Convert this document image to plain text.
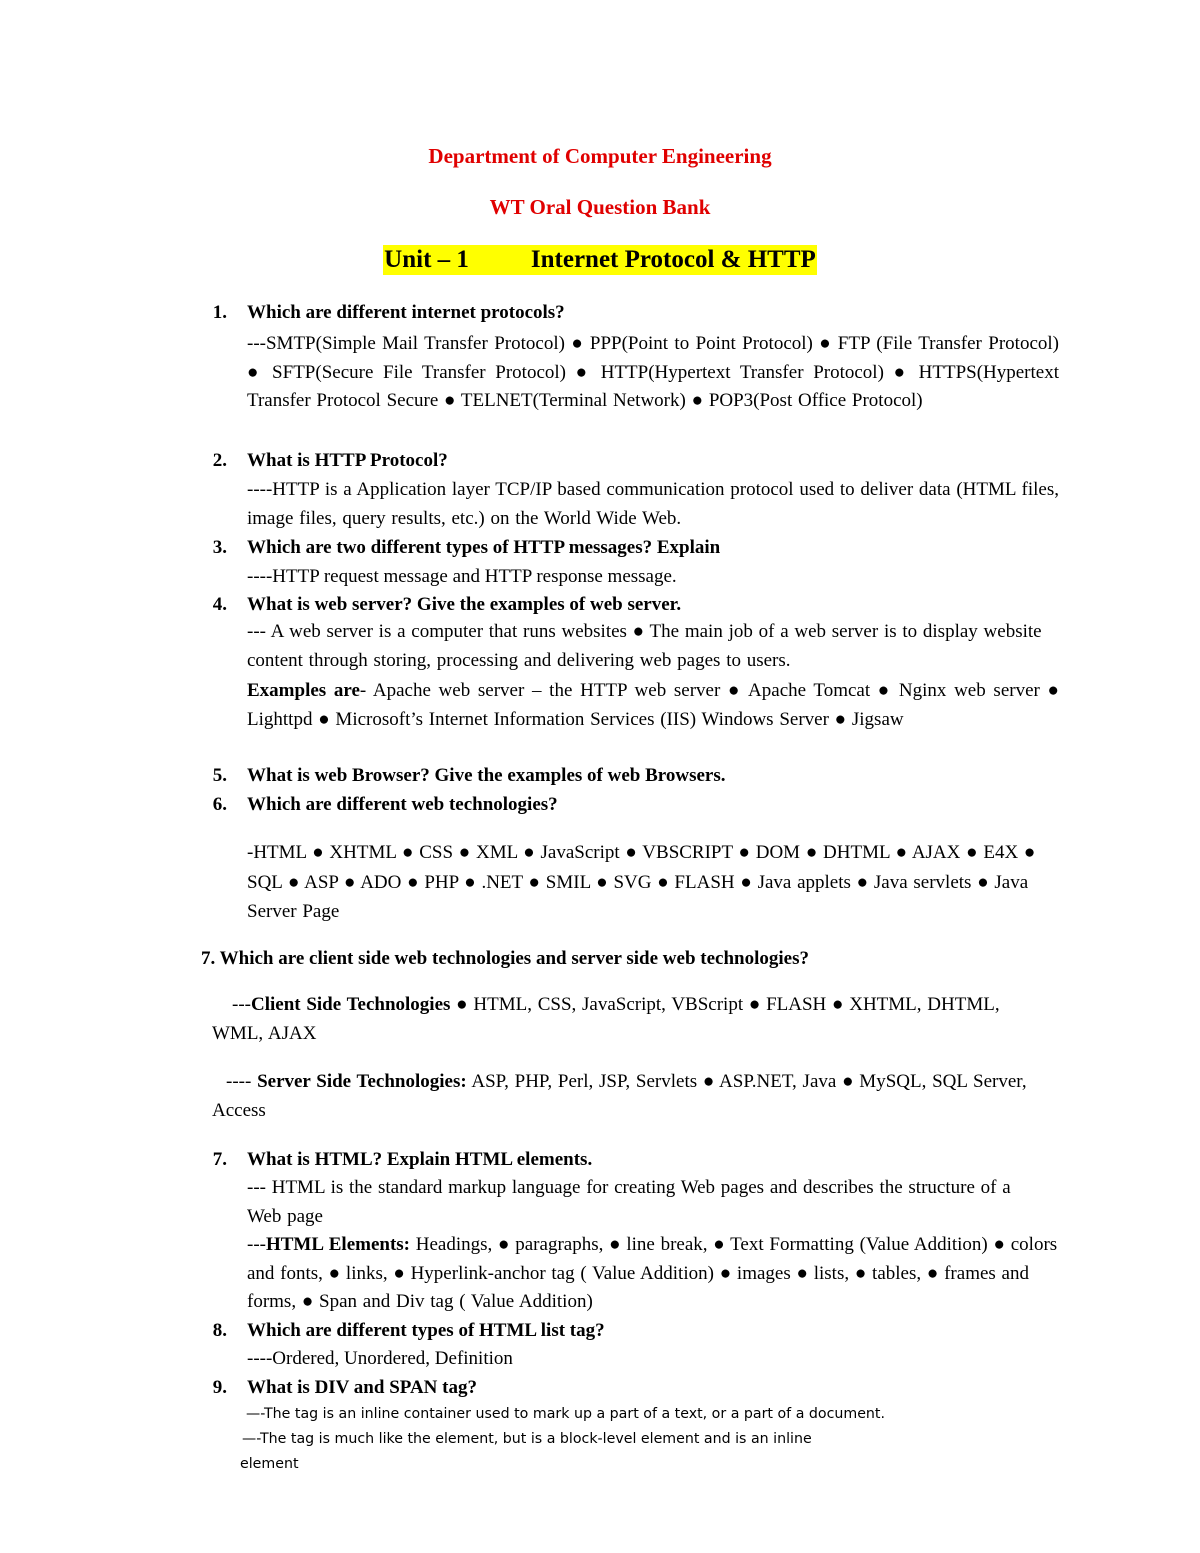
Department of Computer Engineering
WT Oral Question Bank
Unit – 1 Internet Protocol & HTTP
1. Which are different internet protocols?
---SMTP(Simple Mail Transfer Protocol) ● PPP(Point to Point Protocol) ● FTP (File Transfer Protocol) ● SFTP(Secure File Transfer Protocol) ● HTTP(Hypertext Transfer Protocol) ● HTTPS(Hypertext Transfer Protocol Secure ● TELNET(Terminal Network) ● POP3(Post Office Protocol)
2. What is HTTP Protocol?
----HTTP is a Application layer TCP/IP based communication protocol used to deliver data (HTML files, image files, query results, etc.) on the World Wide Web.
3. Which are two different types of HTTP messages? Explain
----HTTP request message and HTTP response message.
4. What is web server? Give the examples of web server.
--- A web server is a computer that runs websites ● The main job of a web server is to display website content through storing, processing and delivering web pages to users.
Examples are- Apache web server – the HTTP web server ● Apache Tomcat ● Nginx web server ● Lighttpd ● Microsoft’s Internet Information Services (IIS) Windows Server ● Jigsaw
5. What is web Browser? Give the examples of web Browsers.
6. Which are different web technologies?
-HTML ● XHTML ● CSS ● XML ● JavaScript ● VBSCRIPT ● DOM ● DHTML ● AJAX ● E4X ● SQL ● ASP ● ADO ● PHP ● .NET ● SMIL ● SVG ● FLASH ● Java applets ● Java servlets ● Java Server Page
7. Which are client side web technologies and server side web technologies?
---Client Side Technologies ● HTML, CSS, JavaScript, VBScript ● FLASH ● XHTML, DHTML, WML, AJAX
---- Server Side Technologies: ASP, PHP, Perl, JSP, Servlets ● ASP.NET, Java ● MySQL, SQL Server, Access
7. What is HTML? Explain HTML elements.
--- HTML is the standard markup language for creating Web pages and describes the structure of a Web page
---HTML Elements: Headings, ● paragraphs, ● line break, ● Text Formatting (Value Addition) ● colors and fonts, ● links, ● Hyperlink-anchor tag ( Value Addition) ● images ● lists, ● tables, ● frames and forms, ● Span and Div tag ( Value Addition)
8. Which are different types of HTML list tag?
----Ordered, Unordered, Definition
9. What is DIV and SPAN tag?
—-The tag is an inline container used to mark up a part of a text, or a part of a document.
—-The tag is much like the element, but is a block-level element and is an inline
element
